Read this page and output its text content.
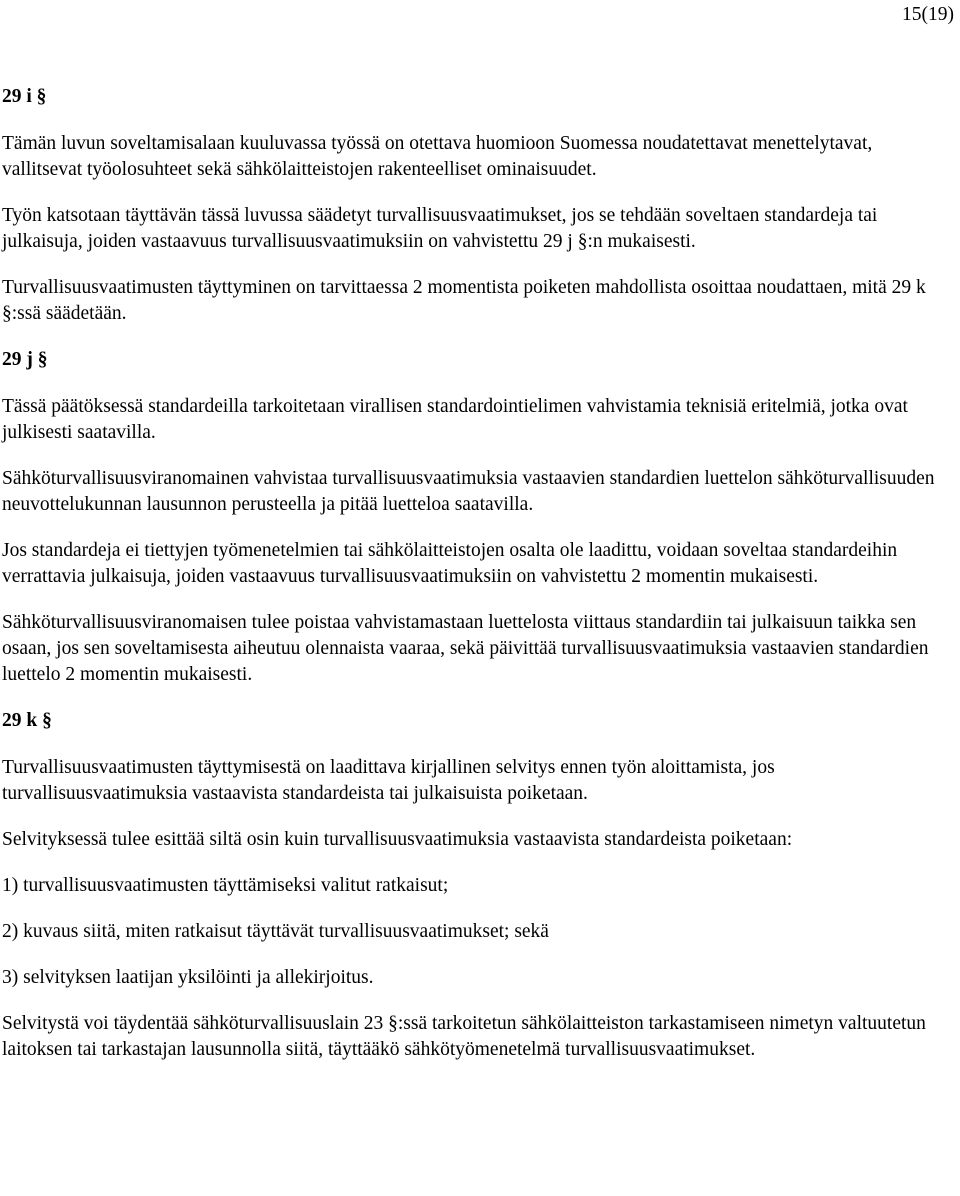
15(19)
29 i §

Tämän luvun soveltamisalaan kuuluvassa työssä on otettava huomioon Suomessa noudatettavat menettelytavat, vallitsevat työolosuhteet sekä sähkölaitteistojen rakenteelliset ominaisuudet.

Työn katsotaan täyttävän tässä luvussa säädetyt turvallisuusvaatimukset, jos se tehdään soveltaen standardeja tai julkaisuja, joiden vastaavuus turvallisuusvaatimuksiin on vahvistettu 29 j §:n mukaisesti.

Turvallisuusvaatimusten täyttyminen on tarvittaessa 2 momentista poiketen mahdollista osoittaa noudattaen, mitä 29 k §:ssä säädetään.

29 j §

Tässä päätöksessä standardeilla tarkoitetaan virallisen standardointielimen vahvistamia teknisiä eritelmiä, jotka ovat julkisesti saatavilla.

Sähköturvallisuusviranomainen vahvistaa turvallisuusvaatimuksia vastaavien standardien luettelon sähköturvallisuuden neuvottelukunnan lausunnon perusteella ja pitää luetteloa saatavilla.

Jos standardeja ei tiettyjen työmenetelmien tai sähkölaitteistojen osalta ole laadittu, voidaan soveltaa standardeihin verrattavia julkaisuja, joiden vastaavuus turvallisuusvaatimuksiin on vahvistettu 2 momentin mukaisesti.

Sähköturvallisuusviranomaisen tulee poistaa vahvistamastaan luettelosta viittaus standardiin tai julkaisuun taikka sen osaan, jos sen soveltamisesta aiheutuu olennaista vaaraa, sekä päivittää turvallisuusvaatimuksia vastaavien standardien luettelo 2 momentin mukaisesti.

29 k §

Turvallisuusvaatimusten täyttymisestä on laadittava kirjallinen selvitys ennen työn aloittamista, jos turvallisuusvaatimuksia vastaavista standardeista tai julkaisuista poiketaan.

Selvityksessä tulee esittää siltä osin kuin turvallisuusvaatimuksia vastaavista standardeista poiketaan:

1) turvallisuusvaatimusten täyttämiseksi valitut ratkaisut;

2) kuvaus siitä, miten ratkaisut täyttävät turvallisuusvaatimukset; sekä

3) selvityksen laatijan yksilöinti ja allekirjoitus.

Selvitystä voi täydentää sähköturvallisuuslain 23 §:ssä tarkoitetun sähkölaitteiston tarkastamiseen nimetyn valtuutetun laitoksen tai tarkastajan lausunnolla siitä, täyttääkö sähkötyömenetelmä turvallisuusvaatimukset.
